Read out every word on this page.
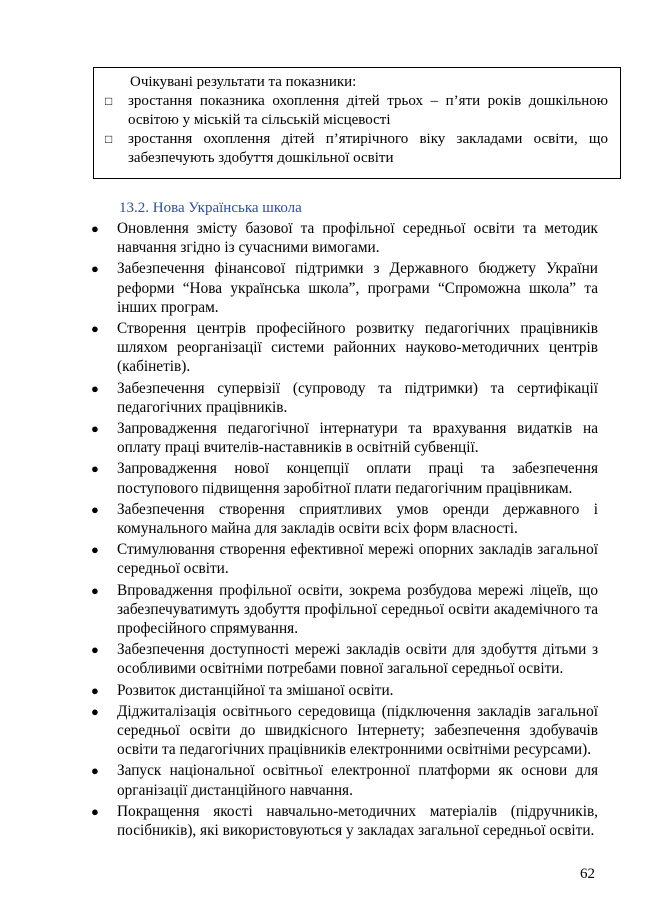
Очікувані результати та показники:
□ зростання показника охоплення дітей трьох – п’яти років дошкільною освітою у міській та сільській місцевості
□ зростання охоплення дітей п’ятирічного віку закладами освіти, що забезпечують здобуття дошкільної освіти
13.2. Нова Українська школа
● Оновлення змісту базової та профільної середньої освіти та методик навчання згідно із сучасними вимогами.
● Забезпечення фінансової підтримки з Державного бюджету України реформи “Нова українська школа”, програми “Спроможна школа” та інших програм.
● Створення центрів професійного розвитку педагогічних працівників шляхом реорганізації системи районних науково-методичних центрів (кабінетів).
● Забезпечення супервізії (супроводу та підтримки) та сертифікації педагогічних працівників.
● Запровадження педагогічної інтернатури та врахування видатків на оплату праці вчителів-наставників в освітній субвенції.
● Запровадження нової концепції оплати праці та забезпечення поступового підвищення заробітної плати педагогічним працівникам.
● Забезпечення створення сприятливих умов оренди державного і комунального майна для закладів освіти всіх форм власності.
● Стимулювання створення ефективної мережі опорних закладів загальної середньої освіти.
● Впровадження профільної освіти, зокрема розбудова мережі ліцеїв, що забезпечуватимуть здобуття профільної середньої освіти академічного та професійного спрямування.
● Забезпечення доступності мережі закладів освіти для здобуття дітьми з особливими освітніми потребами повної загальної середньої освіти.
● Розвиток дистанційної та змішаної освіти.
● Діджиталізація освітнього середовища (підключення закладів загальної середньої освіти до швидкісного Інтернету; забезпечення здобувачів освіти та педагогічних працівників електронними освітніми ресурсами).
● Запуск національної освітньої електронної платформи як основи для організації дистанційного навчання.
● Покращення якості навчально-методичних матеріалів (підручників, посібників), які використовуються у закладах загальної середньої освіти.
62
